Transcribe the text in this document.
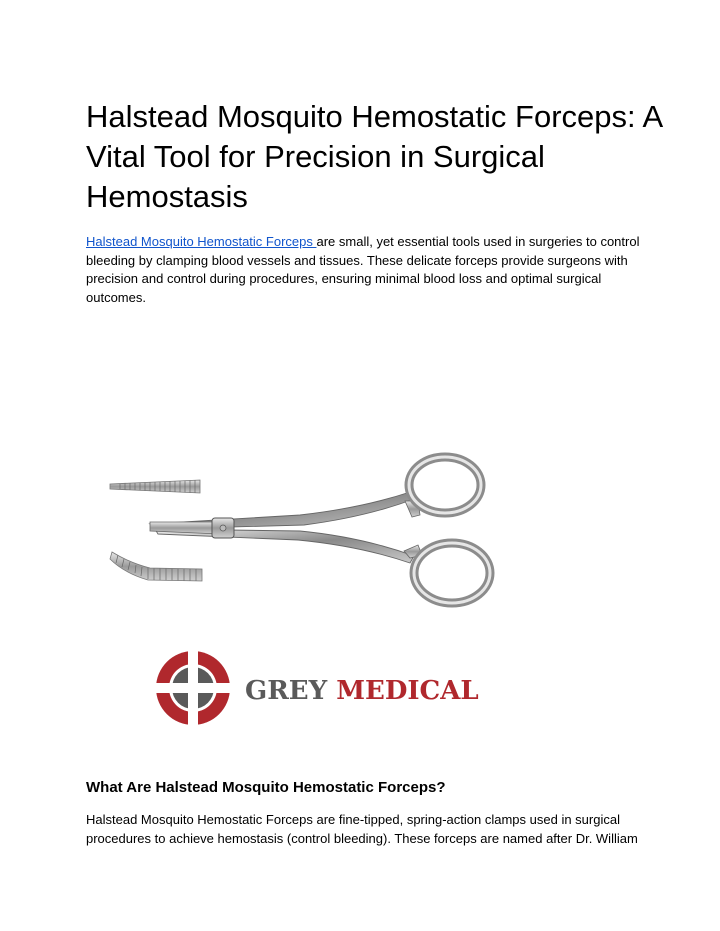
Halstead Mosquito Hemostatic Forceps: A Vital Tool for Precision in Surgical Hemostasis

Halstead Mosquito Hemostatic Forceps are small, yet essential tools used in surgeries to control bleeding by clamping blood vessels and tissues. These delicate forceps provide surgeons with precision and control during procedures, ensuring minimal blood loss and optimal surgical outcomes.

GREY MEDICAL
What Are Halstead Mosquito Hemostatic Forceps?

Halstead Mosquito Hemostatic Forceps are fine-tipped, spring-action clamps used in surgical procedures to achieve hemostasis (control bleeding). These forceps are named after Dr. William
